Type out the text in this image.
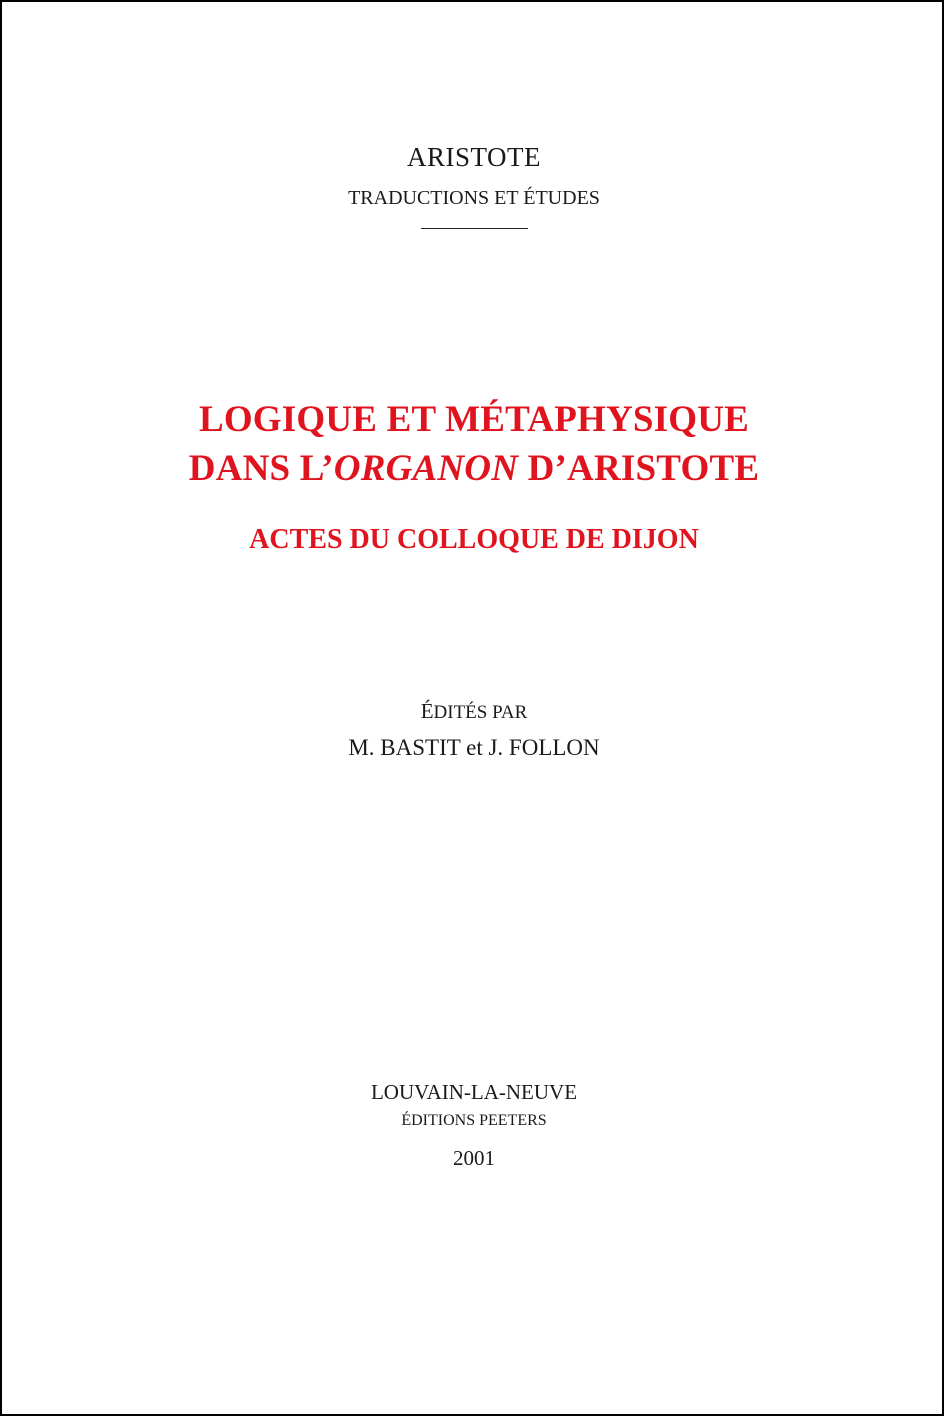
ARISTOTE
TRADUCTIONS ET ÉTUDES
LOGIQUE ET MÉTAPHYSIQUE
DANS L’ORGANON D’ARISTOTE
ACTES DU COLLOQUE DE DIJON
ÉDITÉS PAR
M. BASTIT et J. FOLLON
LOUVAIN-LA-NEUVE
ÉDITIONS PEETERS
2001
